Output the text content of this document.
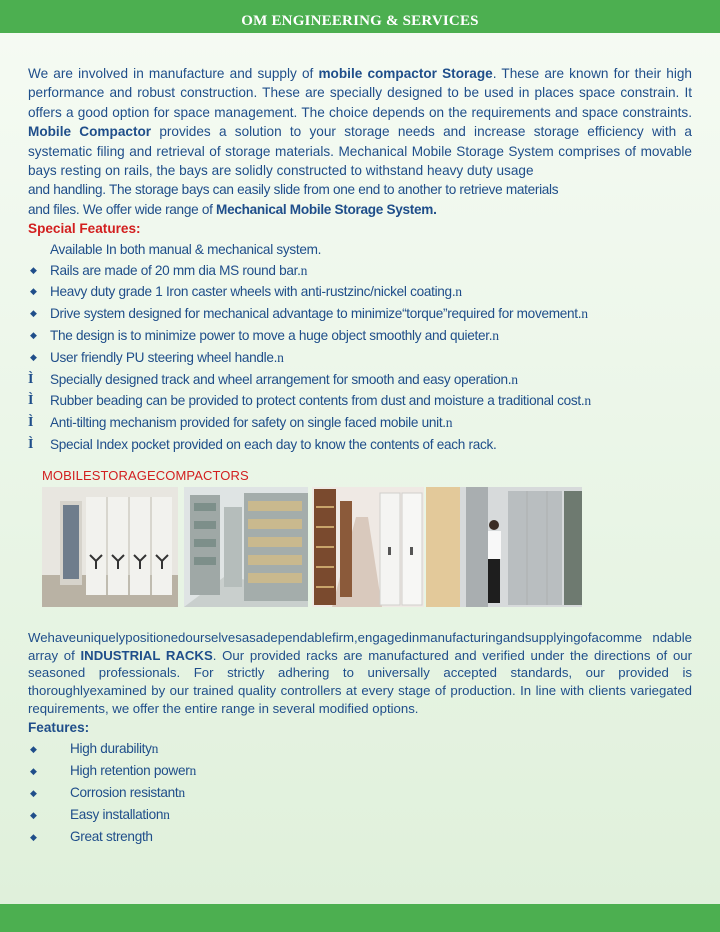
OM ENGINEERING & SERVICES

We are involved in manufacture and supply of mobile compactor Storage. These are known for their high performance and robust construction. These are specially designed to be used in places space constrain. It offers a good option for space management. The choice depends on the requirements and space constraints. Mobile Compactor provides a solution to your storage needs and increase storage efficiency with a systematic filing and retrieval of storage materials. Mechanical Mobile Storage System comprises of movable bays resting on rails, the bays are solidly constructed to withstand heavy duty usage

and handling. The storage bays can easily slide from one end to another to retrieve materials
and files. We offer wide range of Mechanical Mobile Storage System.
Special Features:
Available In both manual & mechanical system.
◆ Rails are made of 20 mm dia MS round bar.n
◆ Heavy duty grade 1 Iron caster wheels with anti-rustzinc/nickel coating.n
◆ Drive system designed for mechanical advantage to minimize“torque”required for movement.n
◆ The design is to minimize power to move a huge object smoothly and quieter.n
◆ User friendly PU steering wheel handle.n
Ì	Specially designed track and wheel arrangement for smooth and easy operation.n
Ì	Rubber beading can be provided to protect contents from dust and moisture a traditional cost.n
Ì	Anti-tilting mechanism provided for safety on single faced mobile unit.n
Ì	Special Index pocket provided on each day to know the contents of each rack.
MOBILESTORAGECOMPACTORS

Wehaveuniquelypositionedourselvesasadependablefirm,engagedinmanufacturingandsupplyingofacomme ndable array of INDUSTRIAL RACKS. Our provided racks are manufactured and verified under the directions of our seasoned professionals. For strictly adhering to universally accepted standards, our provided is thoroughlyexamined by our trained quality controllers at every stage of production. In line with clients variegated requirements, we offer the entire range in several modified options.

Features:
◆	High durabilityn
◆	High retention powern
◆	Corrosion resistantn
◆	Easy installationn
◆	Great strength
